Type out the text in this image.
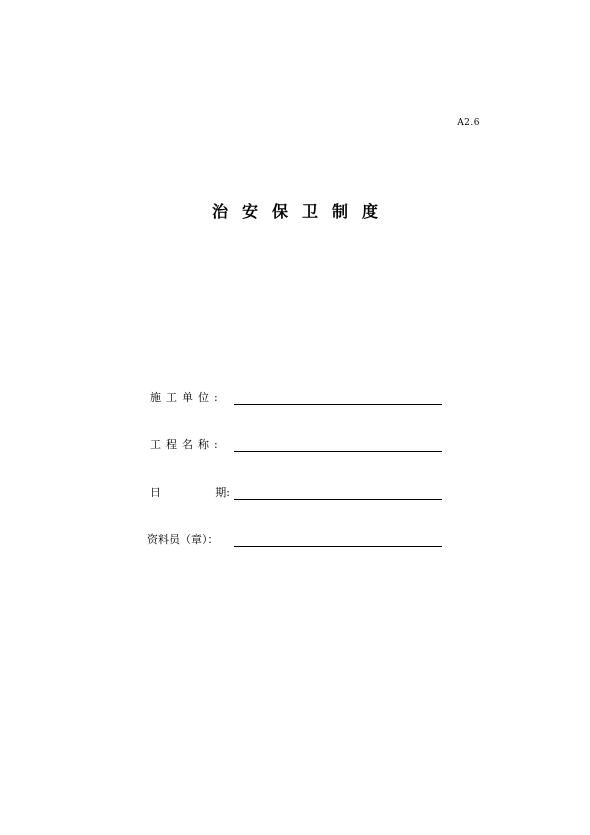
A2.6
治安保卫制度
施工单位:
工程名称:
日	期:
资料员（章）：
